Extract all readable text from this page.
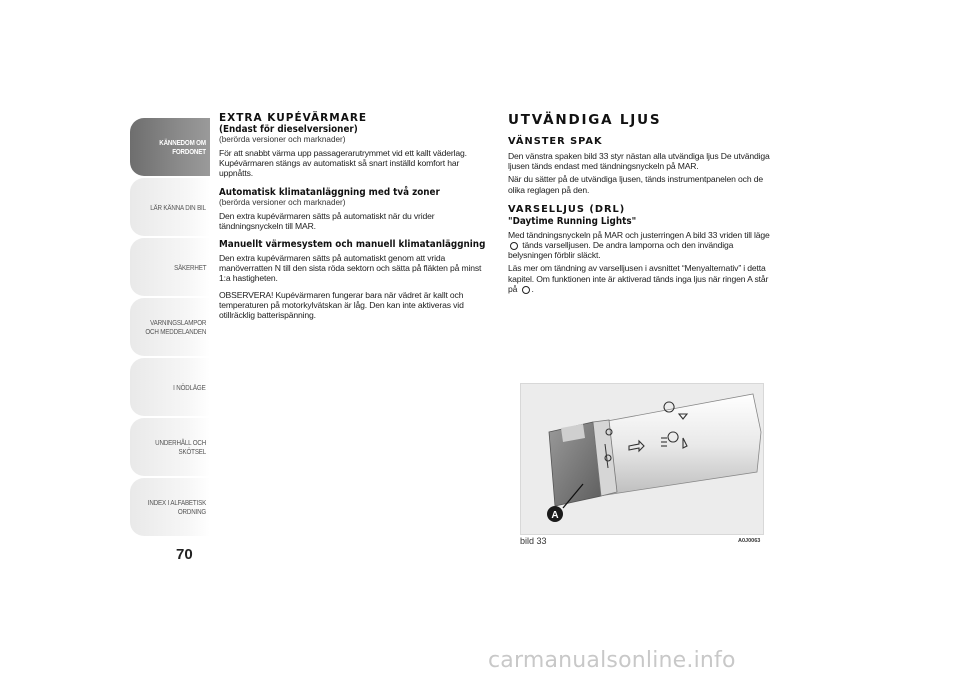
KÄNNEDOM OM
FORDONET
LÄR KÄNNA DIN BIL
SÄKERHET
VARNINGSLAMPOR
OCH MEDDELANDEN
I NÖDLÄGE
UNDERHÅLL OCH
SKÖTSEL
INDEX I ALFABETISK
ORDNING
70
EXTRA KUPÉVÄRMARE
(Endast för dieselversioner)
(berörda versioner och marknader)

För att snabbt värma upp passagerarutrymmet vid ett kallt väderlag. Kupévärmaren stängs av automatiskt så snart inställd komfort har uppnåtts.

Automatisk klimatanläggning med två zoner
(berörda versioner och marknader)

Den extra kupévärmaren sätts på automatiskt när du vrider tändningsnyckeln till MAR.

Manuellt värmesystem och manuell klimatanläggning

Den extra kupévärmaren sätts på automatiskt genom att vrida manöverratten N till den sista röda sektorn och sätta på fläkten på minst 1:a hastigheten.

OBSERVERA! Kupévärmaren fungerar bara när vädret är kallt och temperaturen på motorkylvätskan är låg. Den kan inte aktiveras vid otillräcklig batterispänning.

UTVÄNDIGA LJUS
VÄNSTER SPAK

Den vänstra spaken bild 33 styr nästan alla utvändiga ljus De utvändiga ljusen tänds endast med tändningsnyckeln på MAR.

När du sätter på de utvändiga ljusen, tänds instrumentpanelen och de olika reglagen på den.

VARSELLJUS (DRL)
"Daytime Running Lights"

Med tändningsnyckeln på MAR och justerringen A bild 33 vriden till läge  tänds varselljusen. De andra lamporna och den invändiga belysningen förblir släckt.

Läs mer om tändning av varselljusen i avsnittet “Menyalternativ” i detta kapitel. Om funktionen inte är aktiverad tänds inga ljus när ringen A står på .

A
bild 33	A0J0063
carmanualsonline.info
